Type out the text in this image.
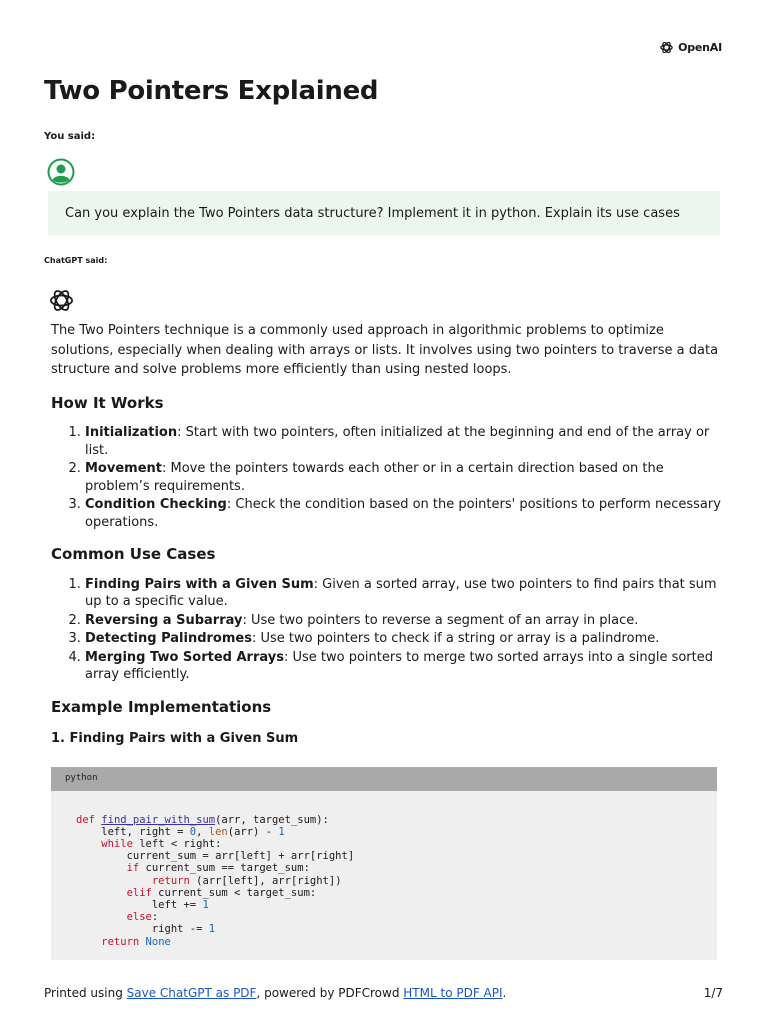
OpenAI
Two Pointers Explained
You said:
Can you explain the Two Pointers data structure? Implement it in python. Explain its use cases
ChatGPT said:

The Two Pointers technique is a commonly used approach in algorithmic problems to optimize solutions, especially when dealing with arrays or lists. It involves using two pointers to traverse a data structure and solve problems more efficiently than using nested loops.

How It Works
1. Initialization: Start with two pointers, often initialized at the beginning and end of the array or list.
2. Movement: Move the pointers towards each other or in a certain direction based on the problem’s requirements.
3. Condition Checking: Check the condition based on the pointers' positions to perform necessary operations.
Common Use Cases
1. Finding Pairs with a Given Sum: Given a sorted array, use two pointers to find pairs that sum up to a specific value.
2. Reversing a Subarray: Use two pointers to reverse a segment of an array in place.
3. Detecting Palindromes: Use two pointers to check if a string or array is a palindrome.
4. Merging Two Sorted Arrays: Use two pointers to merge two sorted arrays into a single sorted array efficiently.
Example Implementations
1. Finding Pairs with a Given Sum
python
def find_pair_with_sum(arr, target_sum):
left, right = 0, len(arr) - 1
while left < right:
current_sum = arr[left] + arr[right]
if current_sum == target_sum:
return (arr[left], arr[right])
elif current_sum < target_sum:
left += 1
else:
right -= 1
return None
Printed using Save ChatGPT as PDF, powered by PDFCrowd HTML to PDF API.	1/7
